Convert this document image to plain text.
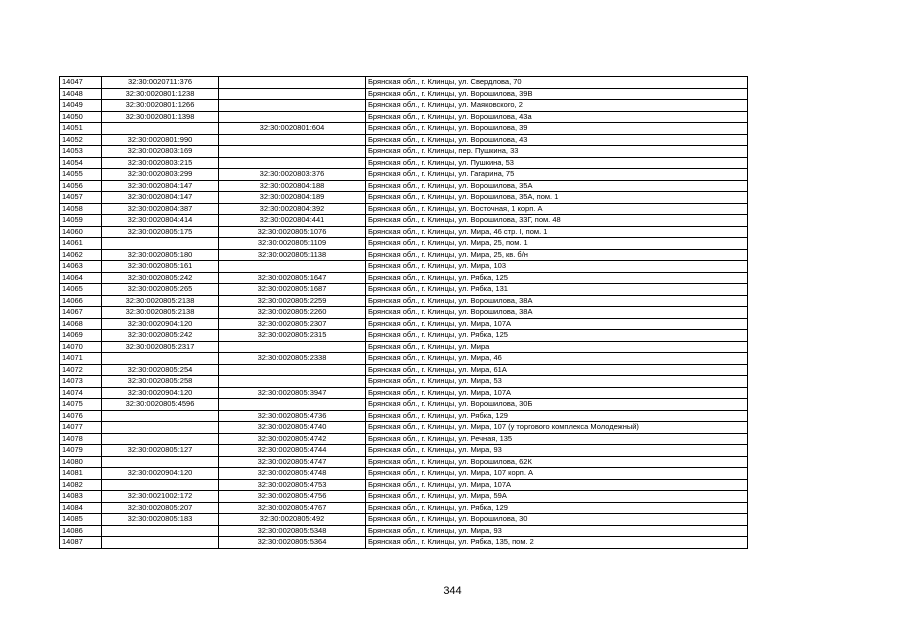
14047	32:30:0020711:376		Брянская обл., г. Клинцы, ул. Свердлова, 70
14048	32:30:0020801:1238		Брянская обл., г. Клинцы, ул. Ворошилова, 39В
14049	32:30:0020801:1266		Брянская обл., г. Клинцы, ул. Маяковского, 2
14050	32:30:0020801:1398		Брянская обл., г. Клинцы, ул. Ворошилова, 43а
14051		32:30:0020801:604	Брянская обл., г. Клинцы, ул. Ворошилова, 39
14052	32:30:0020801:990		Брянская обл., г. Клинцы, ул. Ворошилова, 43
14053	32:30:0020803:169		Брянская обл., г. Клинцы, пер. Пушкина, 33
14054	32:30:0020803:215		Брянская обл., г. Клинцы, ул. Пушкина, 53
14055	32:30:0020803:299	32:30:0020803:376	Брянская обл., г. Клинцы, ул. Гагарина, 75
14056	32:30:0020804:147	32:30:0020804:188	Брянская обл., г. Клинцы, ул. Ворошилова, 35А
14057	32:30:0020804:147	32:30:0020804:189	Брянская обл., г. Клинцы, ул. Ворошилова, 35А, пом. 1
14058	32:30:0020804:387	32:30:0020804:392	Брянская обл., г. Клинцы, ул. Восточная, 1 корп. А
14059	32:30:0020804:414	32:30:0020804:441	Брянская обл., г. Клинцы, ул. Ворошилова, 33Г, пом. 48
14060	32:30:0020805:175	32:30:0020805:1076	Брянская обл., г. Клинцы, ул. Мира, 46 стр. I, пом. 1
14061		32:30:0020805:1109	Брянская обл., г. Клинцы, ул. Мира, 25, пом. 1
14062	32:30:0020805:180	32:30:0020805:1138	Брянская обл., г. Клинцы, ул. Мира, 25, кв. б/н
14063	32:30:0020805:161		Брянская обл., г. Клинцы, ул. Мира, 103
14064	32:30:0020805:242	32:30:0020805:1647	Брянская обл., г. Клинцы, ул. Рябка, 125
14065	32:30:0020805:265	32:30:0020805:1687	Брянская обл., г. Клинцы, ул. Рябка, 131
14066	32:30:0020805:2138	32:30:0020805:2259	Брянская обл., г. Клинцы, ул. Ворошилова, 38А
14067	32:30:0020805:2138	32:30:0020805:2260	Брянская обл., г. Клинцы, ул. Ворошилова, 38А
14068	32:30:0020904:120	32:30:0020805:2307	Брянская обл., г. Клинцы, ул. Мира, 107А
14069	32:30:0020805:242	32:30:0020805:2315	Брянская обл., г. Клинцы, ул. Рябка, 125
14070	32:30:0020805:2317		Брянская обл., г. Клинцы, ул. Мира
14071		32:30:0020805:2338	Брянская обл., г. Клинцы, ул. Мира, 46
14072	32:30:0020805:254		Брянская обл., г. Клинцы, ул. Мира, 61А
14073	32:30:0020805:258		Брянская обл., г. Клинцы, ул. Мира, 53
14074	32:30:0020904:120	32:30:0020805:3947	Брянская обл., г. Клинцы, ул. Мира, 107А
14075	32:30:0020805:4596		Брянская обл., г. Клинцы, ул. Ворошилова, 30Б
14076		32:30:0020805:4736	Брянская обл., г. Клинцы, ул. Рябка, 129
14077		32:30:0020805:4740	Брянская обл., г. Клинцы, ул. Мира, 107 (у торгового комплекса Молодежный)
14078		32:30:0020805:4742	Брянская обл., г. Клинцы, ул. Речная, 135
14079	32:30:0020805:127	32:30:0020805:4744	Брянская обл., г. Клинцы, ул. Мира, 93
14080		32:30:0020805:4747	Брянская обл., г. Клинцы, ул. Ворошилова, 62К
14081	32:30:0020904:120	32:30:0020805:4748	Брянская обл., г. Клинцы, ул. Мира, 107 корп. А
14082		32:30:0020805:4753	Брянская обл., г. Клинцы, ул. Мира, 107А
14083	32:30:0021002:172	32:30:0020805:4756	Брянская обл., г. Клинцы, ул. Мира, 59А
14084	32:30:0020805:207	32:30:0020805:4767	Брянская обл., г. Клинцы, ул. Рябка, 129
14085	32:30:0020805:183	32:30:0020805:492	Брянская обл., г. Клинцы, ул. Ворошилова, 30
14086		32:30:0020805:5348	Брянская обл., г. Клинцы, ул. Мира, 93
14087		32:30:0020805:5364	Брянская обл., г. Клинцы, ул. Рябка, 135, пом. 2
344
